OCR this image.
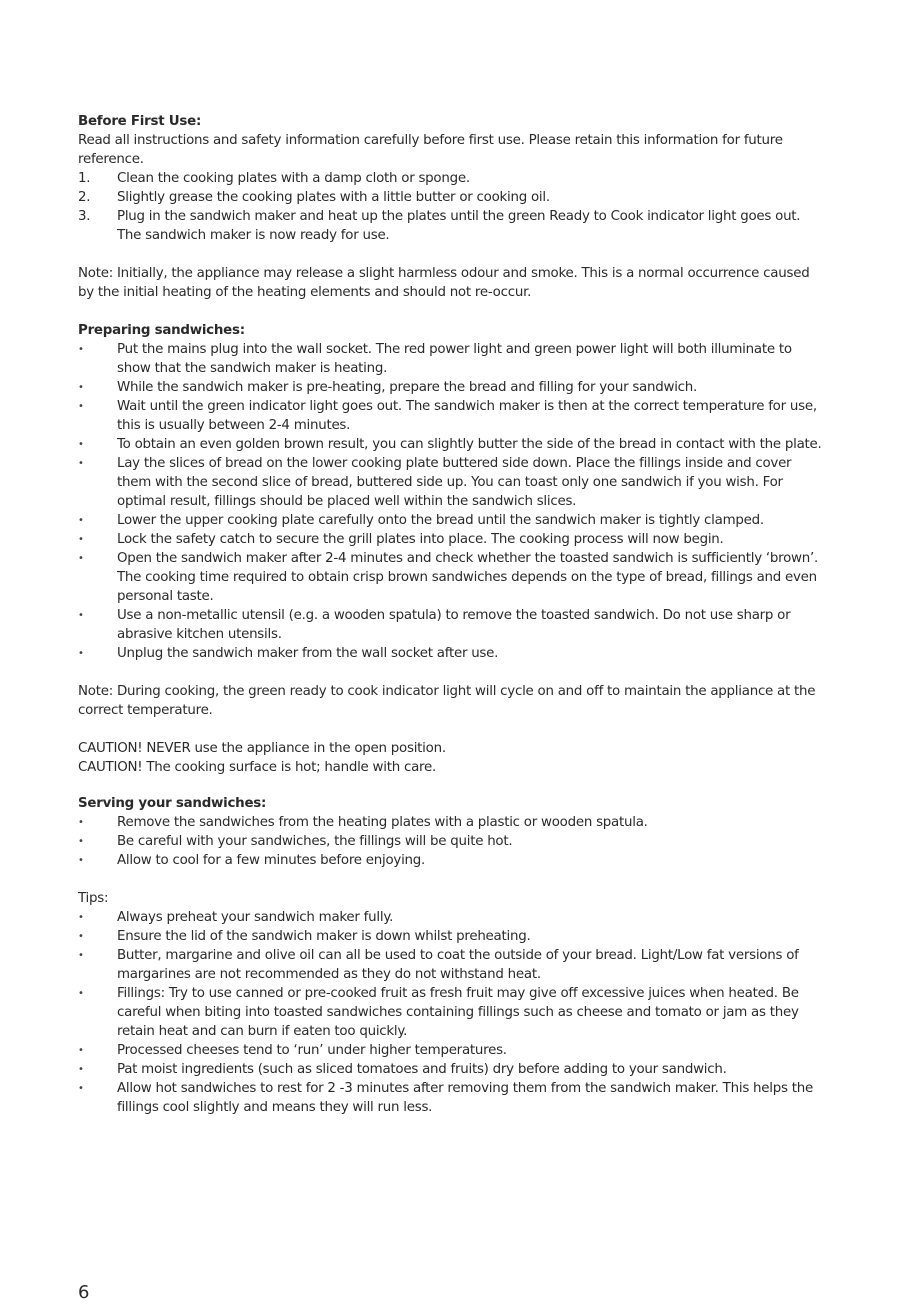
Before First Use:

Read all instructions and safety information carefully before first use. Please retain this information for future reference.

1. Clean the cooking plates with a damp cloth or sponge.
2. Slightly grease the cooking plates with a little butter or cooking oil.
3. Plug in the sandwich maker and heat up the plates until the green Ready to Cook indicator light goes out. The sandwich maker is now ready for use.

Note: Initially, the appliance may release a slight harmless odour and smoke. This is a normal occurrence caused by the initial heating of the heating elements and should not re-occur.

Preparing sandwiches:
• Put the mains plug into the wall socket. The red power light and green power light will both illuminate to show that the sandwich maker is heating.
• While the sandwich maker is pre-heating, prepare the bread and filling for your sandwich.
• Wait until the green indicator light goes out. The sandwich maker is then at the correct temperature for use, this is usually between 2-4 minutes.
• To obtain an even golden brown result, you can slightly butter the side of the bread in contact with the plate.
• Lay the slices of bread on the lower cooking plate buttered side down. Place the fillings inside and cover them with the second slice of bread, buttered side up. You can toast only one sandwich if you wish. For optimal result, fillings should be placed well within the sandwich slices.
• Lower the upper cooking plate carefully onto the bread until the sandwich maker is tightly clamped.
• Lock the safety catch to secure the grill plates into place. The cooking process will now begin.
• Open the sandwich maker after 2-4 minutes and check whether the toasted sandwich is sufficiently ‘brown’. The cooking time required to obtain crisp brown sandwiches depends on the type of bread, fillings and even personal taste.
• Use a non-metallic utensil (e.g. a wooden spatula) to remove the toasted sandwich. Do not use sharp or abrasive kitchen utensils.
• Unplug the sandwich maker from the wall socket after use.

Note: During cooking, the green ready to cook indicator light will cycle on and off to maintain the appliance at the correct temperature.

CAUTION! NEVER use the appliance in the open position.

CAUTION! The cooking surface is hot; handle with care.

Serving your sandwiches:
• Remove the sandwiches from the heating plates with a plastic or wooden spatula.
• Be careful with your sandwiches, the fillings will be quite hot.
• Allow to cool for a few minutes before enjoying.
Tips:
• Always preheat your sandwich maker fully.
• Ensure the lid of the sandwich maker is down whilst preheating.
• Butter, margarine and olive oil can all be used to coat the outside of your bread. Light/Low fat versions of margarines are not recommended as they do not withstand heat.
• Fillings: Try to use canned or pre-cooked fruit as fresh fruit may give off excessive juices when heated. Be careful when biting into toasted sandwiches containing fillings such as cheese and tomato or jam as they retain heat and can burn if eaten too quickly.
• Processed cheeses tend to ‘run’ under higher temperatures.
• Pat moist ingredients (such as sliced tomatoes and fruits) dry before adding to your sandwich.
• Allow hot sandwiches to rest for 2 -3 minutes after removing them from the sandwich maker. This helps the fillings cool slightly and means they will run less.
6
